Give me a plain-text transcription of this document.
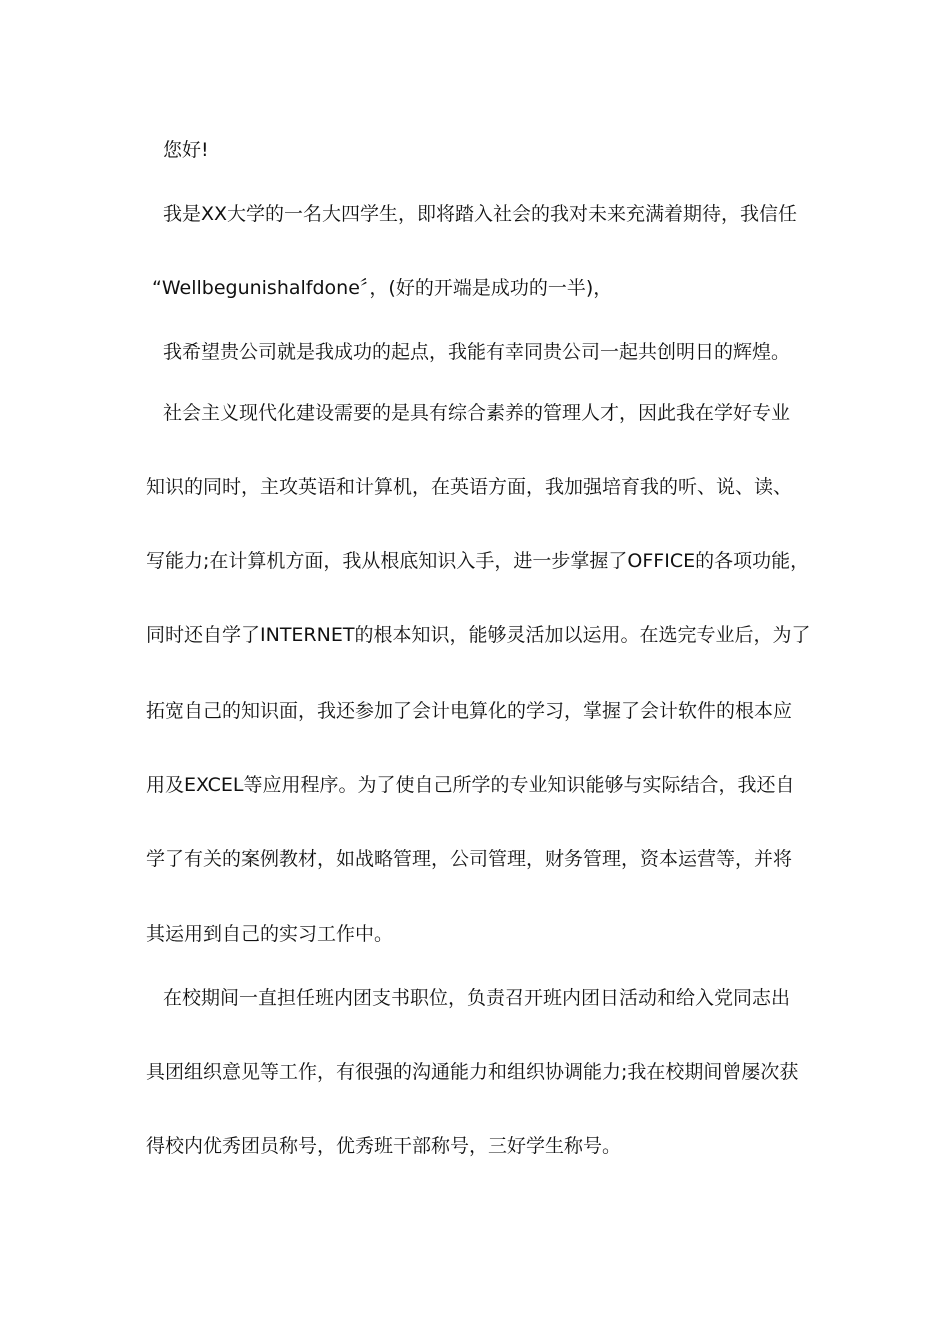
您好!
我是XX大学的一名大四学生，即将踏入社会的我对未来充满着期待，我信任
“Wellbegunishalfdone〞，(好的开端是成功的一半)，
我希望贵公司就是我成功的起点，我能有幸同贵公司一起共创明日的辉煌。
社会主义现代化建设需要的是具有综合素养的管理人才，因此我在学好专业
知识的同时，主攻英语和计算机，在英语方面，我加强培育我的听、说、读、
写能力;在计算机方面，我从根底知识入手，进一步掌握了OFFICE的各项功能，
同时还自学了INTERNET的根本知识，能够灵活加以运用。在选完专业后，为了
拓宽自己的知识面，我还参加了会计电算化的学习，掌握了会计软件的根本应
用及EXCEL等应用程序。为了使自己所学的专业知识能够与实际结合，我还自
学了有关的案例教材，如战略管理，公司管理，财务管理，资本运营等，并将
其运用到自己的实习工作中。
在校期间一直担任班内团支书职位，负责召开班内团日活动和给入党同志出
具团组织意见等工作，有很强的沟通能力和组织协调能力;我在校期间曾屡次获
得校内优秀团员称号，优秀班干部称号，三好学生称号。
